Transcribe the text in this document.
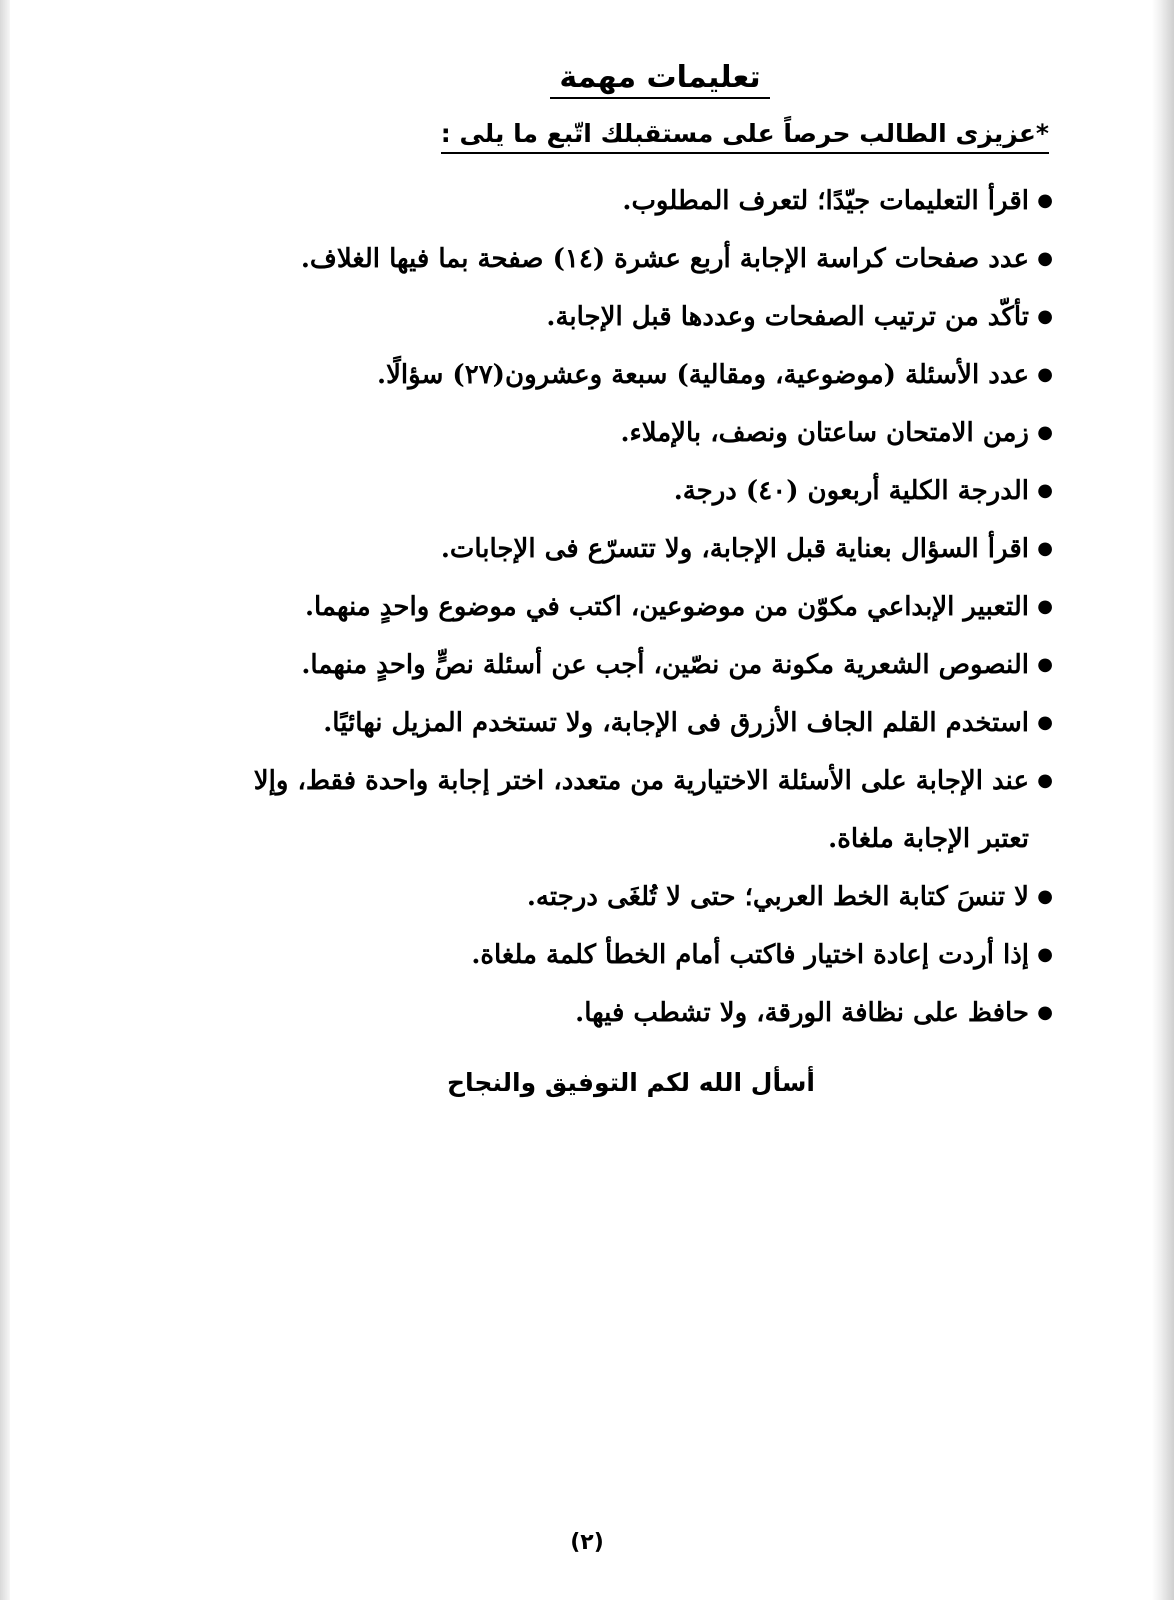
تعليمات مهمة
*عزيزى الطالب حرصاً على مستقبلك اتّبع ما يلى :
●
اقرأ التعليمات جيّدًا؛ لتعرف المطلوب.
●
عدد صفحات كراسة الإجابة أربع عشرة (١٤) صفحة بما فيها الغلاف.
●
تأكّد من ترتيب الصفحات وعددها قبل الإجابة.
●
عدد الأسئلة (موضوعية، ومقالية) سبعة وعشرون(٢٧) سؤالًا.
●
زمن الامتحان ساعتان ونصف، بالإملاء.
●
الدرجة الكلية أربعون (٤٠) درجة.
●
اقرأ السؤال بعناية قبل الإجابة، ولا تتسرّع فى الإجابات.
●
التعبير الإبداعي مكوّن من موضوعين، اكتب في موضوع واحدٍ منهما.
●
النصوص الشعرية مكونة من نصّين، أجب عن أسئلة نصٍّ واحدٍ منهما.
●
استخدم القلم الجاف الأزرق فى الإجابة، ولا تستخدم المزيل نهائيًا.
●
عند الإجابة على الأسئلة الاختيارية من متعدد، اختر إجابة واحدة فقط، وإلا
تعتبر الإجابة ملغاة.
●
لا تنسَ كتابة الخط العربي؛ حتى لا تُلغَى درجته.
●
إذا أردت إعادة اختيار فاكتب أمام الخطأ كلمة ملغاة.
●
حافظ على نظافة الورقة، ولا تشطب فيها.
أسأل الله لكم التوفيق والنجاح
(٢)
